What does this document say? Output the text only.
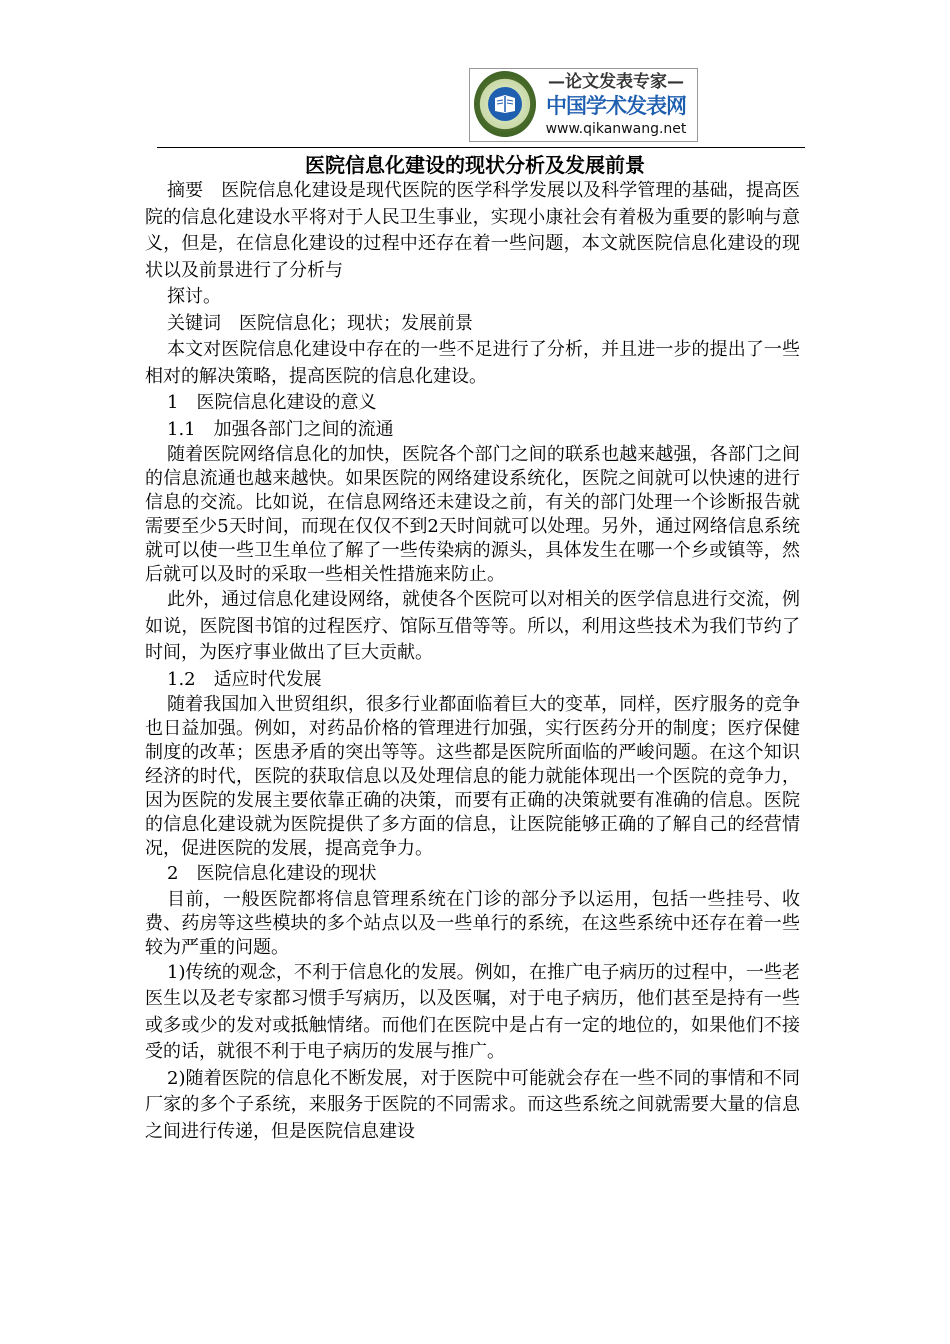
—论文发表专家—
中国学术发表网
www.qikanwang.net
医院信息化建设的现状分析及发展前景

摘要　医院信息化建设是现代医院的医学科学发展以及科学管理的基础，提高医院的信息化建设水平将对于人民卫生事业，实现小康社会有着极为重要的影响与意义，但是，在信息化建设的过程中还存在着一些问题，本文就医院信息化建设的现状以及前景进行了分析与

探讨。

关键词　医院信息化；现状；发展前景

本文对医院信息化建设中存在的一些不足进行了分析，并且进一步的提出了一些相对的解决策略，提高医院的信息化建设。

1　医院信息化建设的意义

1.1　加强各部门之间的流通

随着医院网络信息化的加快，医院各个部门之间的联系也越来越强，各部门之间的信息流通也越来越快。如果医院的网络建设系统化，医院之间就可以快速的进行信息的交流。比如说，在信息网络还未建设之前，有关的部门处理一个诊断报告就需要至少5天时间，而现在仅仅不到2天时间就可以处理。另外，通过网络信息系统就可以使一些卫生单位了解了一些传染病的源头，具体发生在哪一个乡或镇等，然后就可以及时的采取一些相关性措施来防止。

此外，通过信息化建设网络，就使各个医院可以对相关的医学信息进行交流，例如说，医院图书馆的过程医疗、馆际互借等等。所以，利用这些技术为我们节约了时间，为医疗事业做出了巨大贡献。

1.2　适应时代发展

随着我国加入世贸组织，很多行业都面临着巨大的变革，同样，医疗服务的竞争也日益加强。例如，对药品价格的管理进行加强，实行医药分开的制度；医疗保健制度的改革；医患矛盾的突出等等。这些都是医院所面临的严峻问题。在这个知识经济的时代，医院的获取信息以及处理信息的能力就能体现出一个医院的竞争力，因为医院的发展主要依靠正确的决策，而要有正确的决策就要有准确的信息。医院的信息化建设就为医院提供了多方面的信息，让医院能够正确的了解自己的经营情况，促进医院的发展，提高竞争力。

2　医院信息化建设的现状

目前，一般医院都将信息管理系统在门诊的部分予以运用，包括一些挂号、收费、药房等这些模块的多个站点以及一些单行的系统，在这些系统中还存在着一些较为严重的问题。

1)传统的观念，不利于信息化的发展。例如，在推广电子病历的过程中，一些老医生以及老专家都习惯手写病历，以及医嘱，对于电子病历，他们甚至是持有一些或多或少的发对或抵触情绪。而他们在医院中是占有一定的地位的，如果他们不接受的话，就很不利于电子病历的发展与推广。

2)随着医院的信息化不断发展，对于医院中可能就会存在一些不同的事情和不同厂家的多个子系统，来服务于医院的不同需求。而这些系统之间就需要大量的信息之间进行传递，但是医院信息建设
